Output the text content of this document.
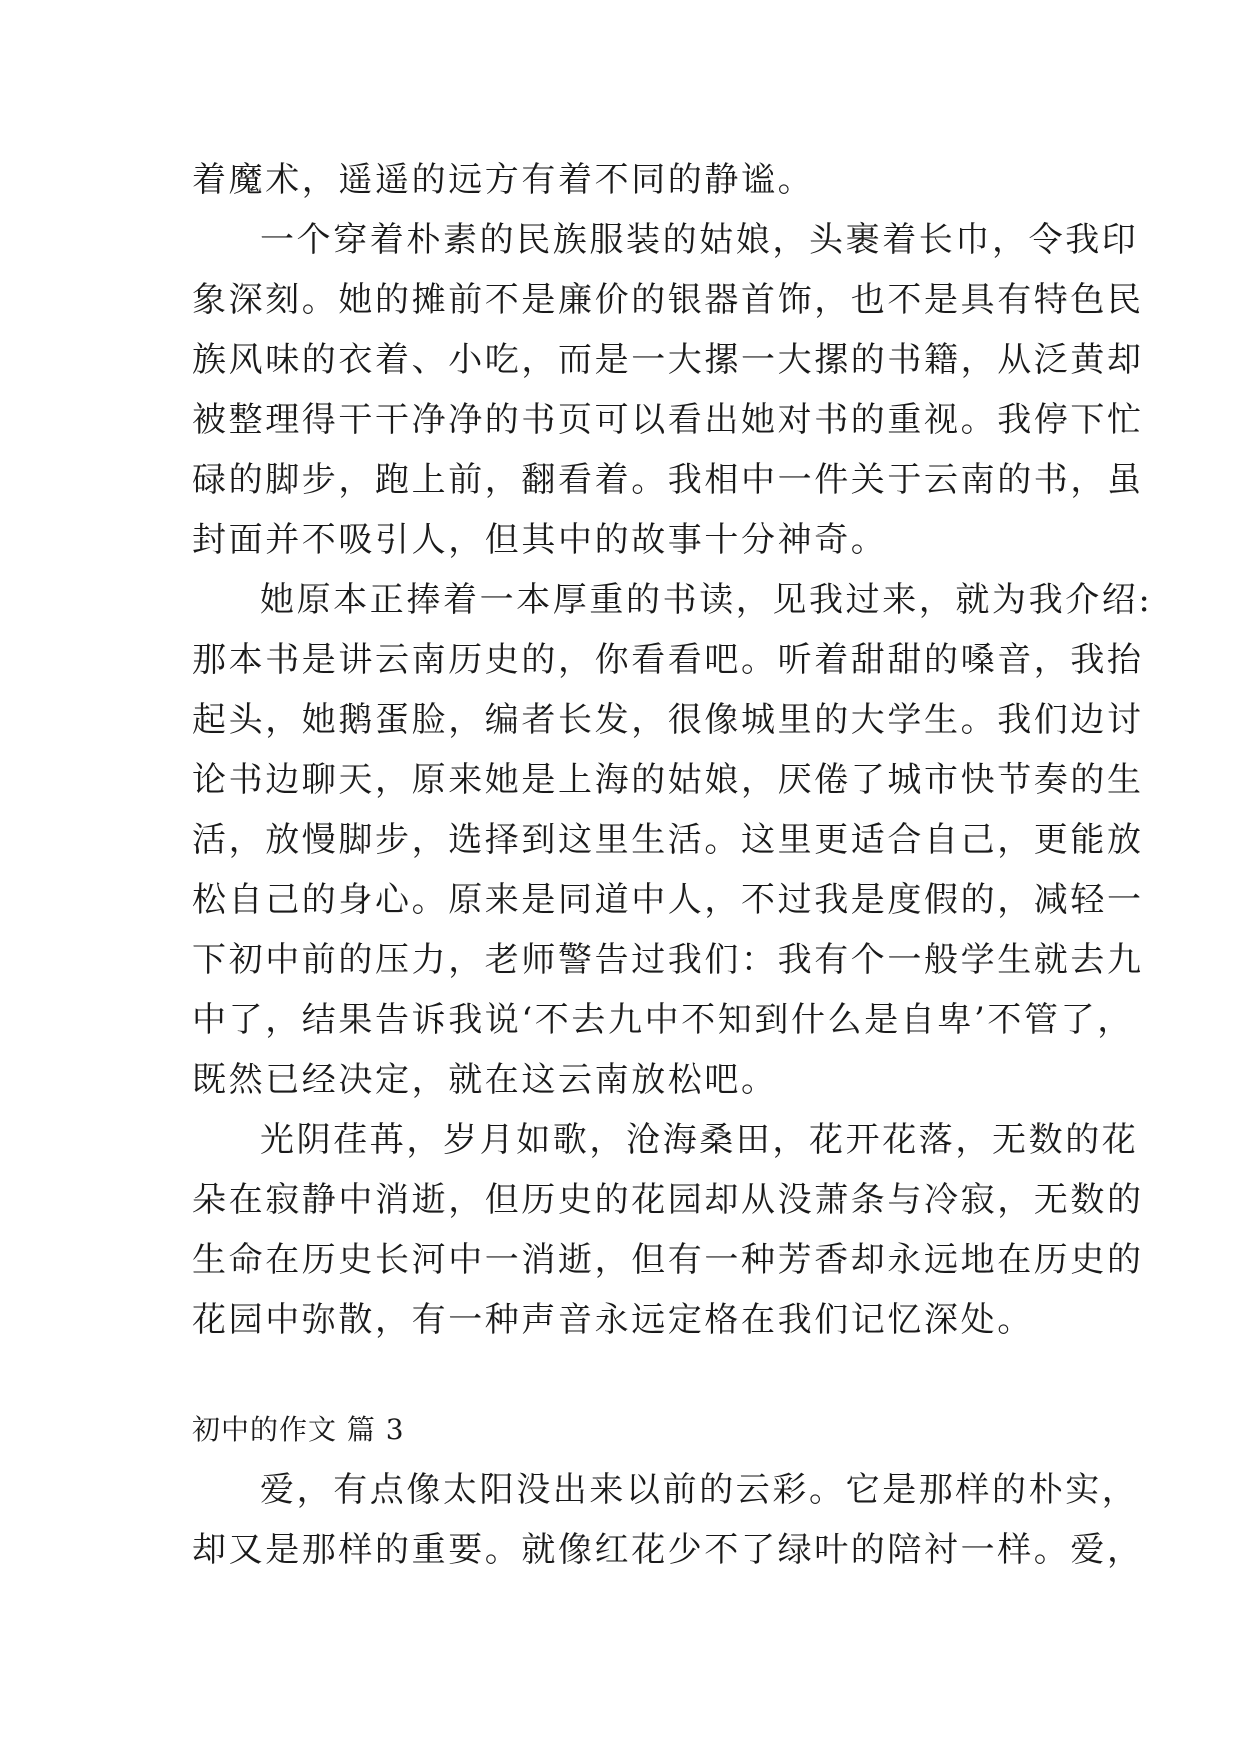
着魔术，遥遥的远方有着不同的静谧。
一个穿着朴素的民族服装的姑娘，头裹着长巾，令我印
象深刻。她的摊前不是廉价的银器首饰，也不是具有特色民
族风味的衣着、小吃，而是一大摞一大摞的书籍，从泛黄却
被整理得干干净净的书页可以看出她对书的重视。我停下忙
碌的脚步，跑上前，翻看着。我相中一件关于云南的书，虽
封面并不吸引人，但其中的故事十分神奇。
她原本正捧着一本厚重的书读，见我过来，就为我介绍:
那本书是讲云南历史的，你看看吧。听着甜甜的嗓音，我抬
起头，她鹅蛋脸，编者长发，很像城里的大学生。我们边讨
论书边聊天，原来她是上海的姑娘，厌倦了城市快节奏的生
活，放慢脚步，选择到这里生活。这里更适合自己，更能放
松自己的身心。原来是同道中人，不过我是度假的，减轻一
下初中前的压力，老师警告过我们：我有个一般学生就去九
中了，结果告诉我说‘不去九中不知到什么是自卑’不管了，
既然已经决定，就在这云南放松吧。
光阴荏苒，岁月如歌，沧海桑田，花开花落，无数的花
朵在寂静中消逝，但历史的花园却从没萧条与冷寂，无数的
生命在历史长河中一消逝，但有一种芳香却永远地在历史的
花园中弥散，有一种声音永远定格在我们记忆深处。
初中的作文 篇 3
爱，有点像太阳没出来以前的云彩。它是那样的朴实，
却又是那样的重要。就像红花少不了绿叶的陪衬一样。爱，
